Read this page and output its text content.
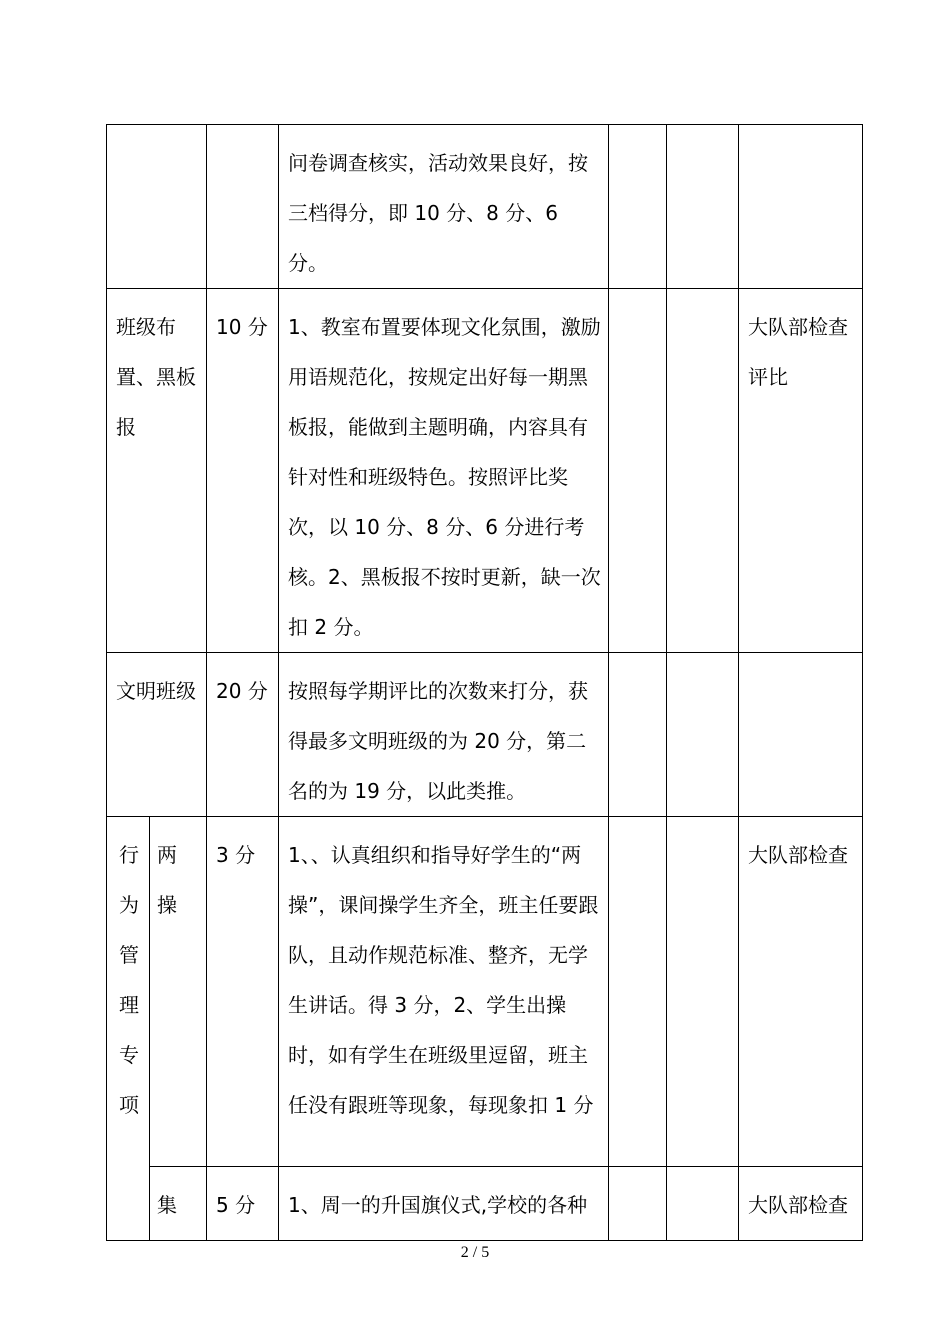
			问卷调查核实，活动效果良好，按三档得分，即 10 分、8 分、6 分。			
班级布置、黑板报		10 分	1、教室布置要体现文化氛围，激励用语规范化，按规定出好每一期黑板报，能做到主题明确，内容具有针对性和班级特色。按照评比奖次，以 10 分、8 分、6 分进行考核。2、黑板报不按时更新，缺一次扣 2 分。			大队部检查评比
文明班级		20 分	按照每学期评比的次数来打分，获得最多文明班级的为 20 分，第二名的为 19 分，以此类推。			

行为管理专项	两操	3 分	1、、认真组织和指导好学生的“两操”，课间操学生齐全，班主任要跟队，且动作规范标准、整齐，无学生讲话。得 3 分，2、学生出操时，如有学生在班级里逗留，班主任没有跟班等现象，每现象扣 1 分			大队部检查

	集	5 分	1、周一的升国旗仪式,学校的各种			大队部检查
2 / 5
